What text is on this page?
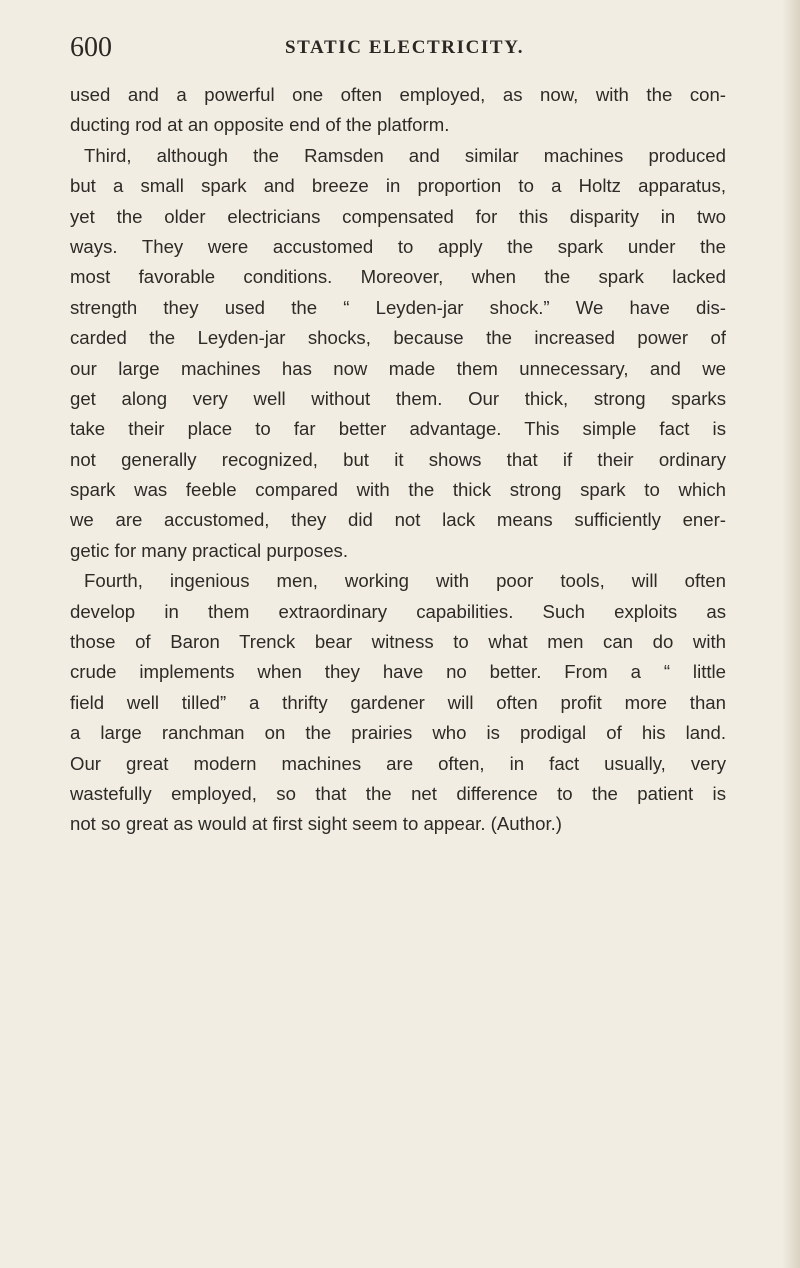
600	STATIC ELECTRICITY.
used and a powerful one often employed, as now, with the con-
ducting rod at an opposite end of the platform.
Third, although the Ramsden and similar machines produced
but a small spark and breeze in proportion to a Holtz apparatus,
yet the older electricians compensated for this disparity in two
ways. They were accustomed to apply the spark under the
most favorable conditions. Moreover, when the spark lacked
strength they used the “ Leyden-jar shock.” We have dis-
carded the Leyden-jar shocks, because the increased power of
our large machines has now made them unnecessary, and we
get along very well without them. Our thick, strong sparks
take their place to far better advantage. This simple fact is
not generally recognized, but it shows that if their ordinary
spark was feeble compared with the thick strong spark to which
we are accustomed, they did not lack means sufficiently ener-
getic for many practical purposes.
Fourth, ingenious men, working with poor tools, will often
develop in them extraordinary capabilities. Such exploits as
those of Baron Trenck bear witness to what men can do with
crude implements when they have no better. From a “ little
field well tilled” a thrifty gardener will often profit more than
a large ranchman on the prairies who is prodigal of his land.
Our great modern machines are often, in fact usually, very
wastefully employed, so that the net difference to the patient is
not so great as would at first sight seem to appear. (Author.)
